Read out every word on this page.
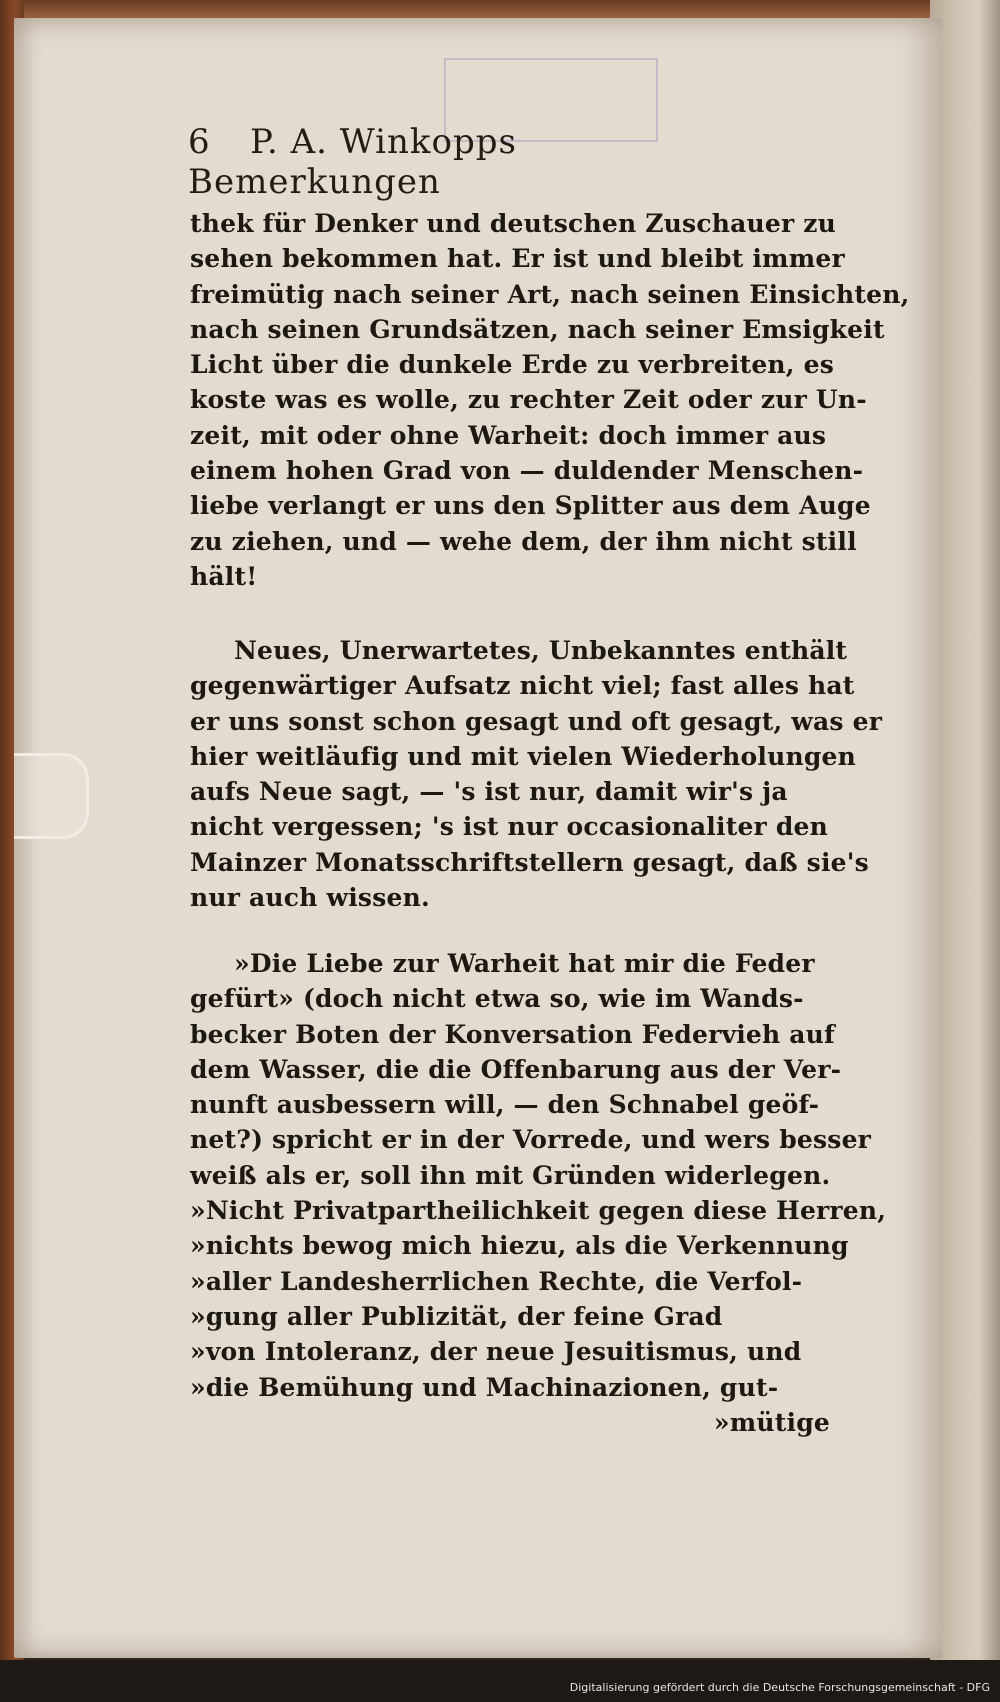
6 P. A. Winkopps Bemerkungen
thek für Denker und deutschen Zuschauer zu
sehen bekommen hat. Er ist und bleibt immer
freimütig nach seiner Art, nach seinen Einsichten,
nach seinen Grundsätzen, nach seiner Emsigkeit
Licht über die dunkele Erde zu verbreiten, es
koste was es wolle, zu rechter Zeit oder zur Un-
zeit, mit oder ohne Warheit: doch immer aus
einem hohen Grad von — duldender Menschen-
liebe verlangt er uns den Splitter aus dem Auge
zu ziehen, und — wehe dem, der ihm nicht still
hält!
Neues, Unerwartetes, Unbekanntes enthält
gegenwärtiger Aufsatz nicht viel; fast alles hat
er uns sonst schon gesagt und oft gesagt, was er
hier weitläufig und mit vielen Wiederholungen
aufs Neue sagt, — 's ist nur, damit wir's ja
nicht vergessen; 's ist nur occasionaliter den
Mainzer Monatsschriftstellern gesagt, daß sie's
nur auch wissen.
»Die Liebe zur Warheit hat mir die Feder
gefürt» (doch nicht etwa so, wie im Wands-
becker Boten der Konversation Federvieh auf
dem Wasser, die die Offenbarung aus der Ver-
nunft ausbessern will, — den Schnabel geöf-
net?) spricht er in der Vorrede, und wers besser
weiß als er, soll ihn mit Gründen widerlegen.
»Nicht Privatpartheilichkeit gegen diese Herren,
»nichts bewog mich hiezu, als die Verkennung
»aller Landesherrlichen Rechte, die Verfol-
»gung aller Publizität, der feine Grad
»von Intoleranz, der neue Jesuitismus, und
»die Bemühung und Machinazionen, gut-
»mütige
Digitalisierung gefördert durch die Deutsche Forschungsgemeinschaft - DFG
